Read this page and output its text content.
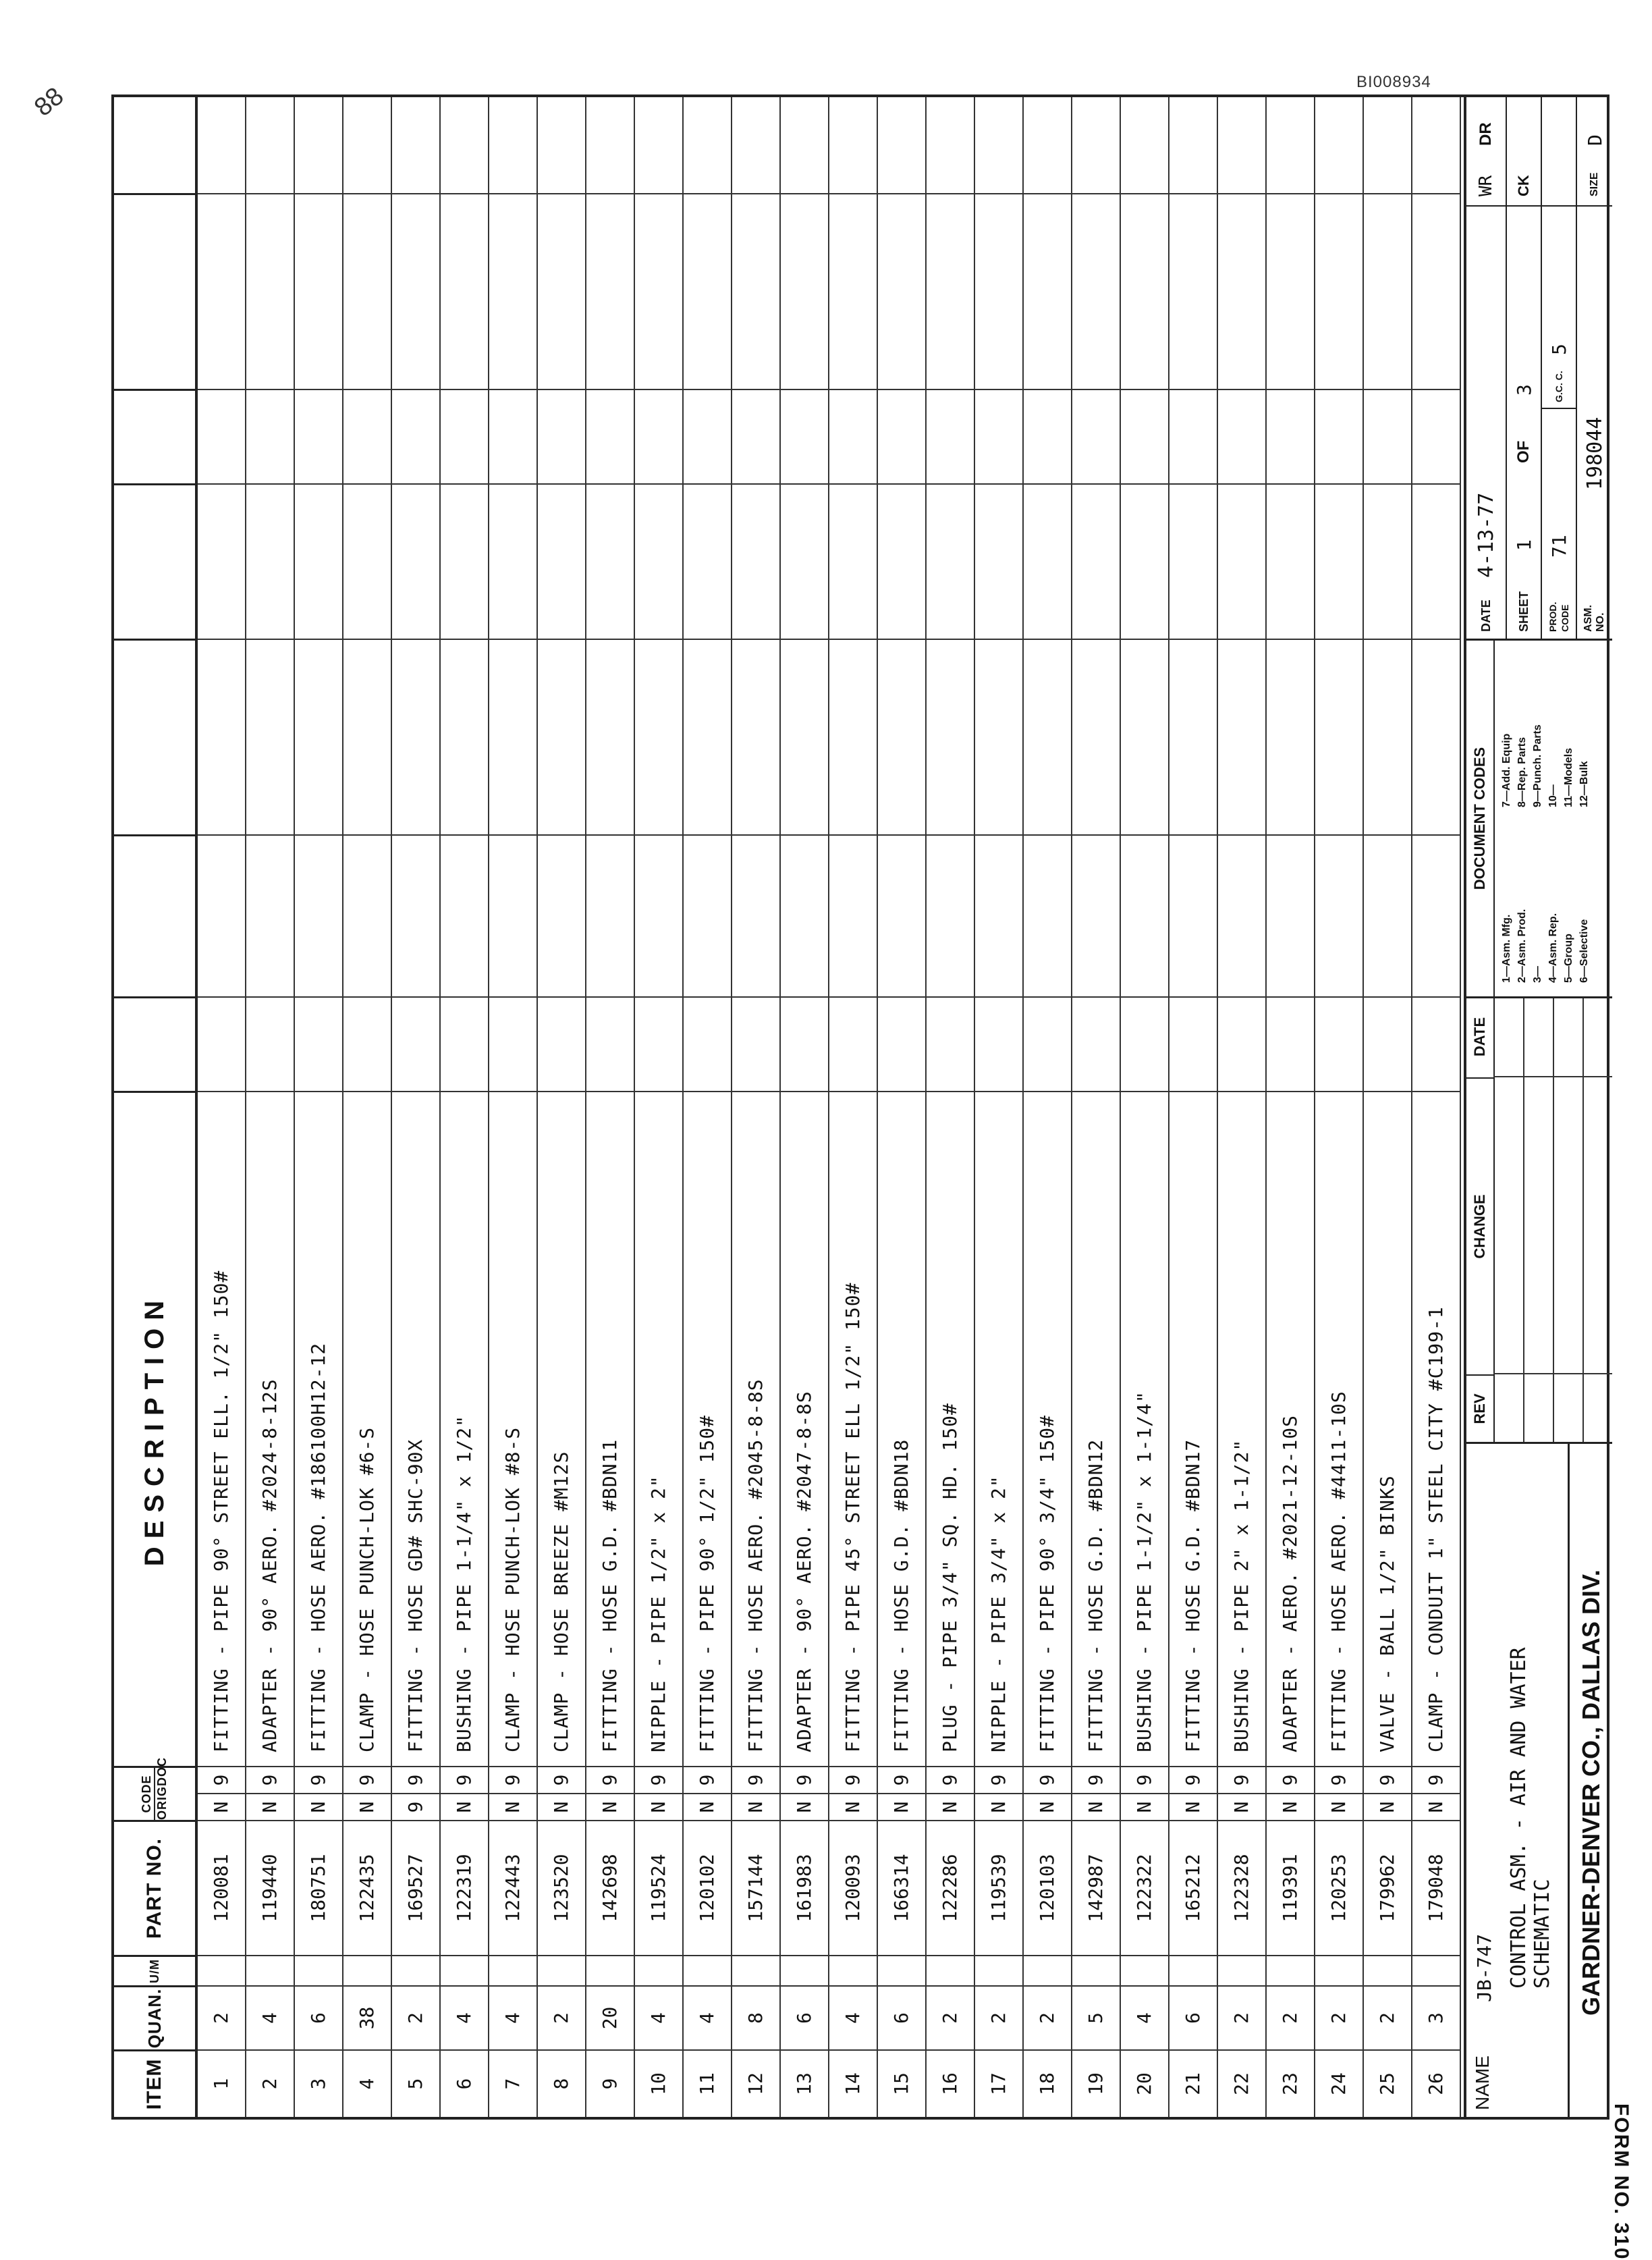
BI008934
88
ITEM
QUAN.
U/M
PART NO.
CODE ORIG
DOC
DESCRIPTION
1
2
120081
N
9
FITTING - PIPE 90° STREET ELL. 1/2" 150#
2
4
119440
N
9
ADAPTER - 90° AERO. #2024-8-12S
3
6
180751
N
9
FITTING - HOSE AERO. #186100H12-12
4
38
122435
N
9
CLAMP - HOSE PUNCH-LOK #6-S
5
2
169527
9
9
FITTING - HOSE GD# SHC-90X
6
4
122319
N
9
BUSHING - PIPE 1-1/4" x 1/2"
7
4
122443
N
9
CLAMP - HOSE PUNCH-LOK #8-S
8
2
123520
N
9
CLAMP - HOSE BREEZE #M12S
9
20
142698
N
9
FITTING - HOSE G.D. #BDN11
10
4
119524
N
9
NIPPLE - PIPE 1/2" x 2"
11
4
120102
N
9
FITTING - PIPE 90° 1/2" 150#
12
8
157144
N
9
FITTING - HOSE AERO. #2045-8-8S
13
6
161983
N
9
ADAPTER - 90° AERO. #2047-8-8S
14
4
120093
N
9
FITTING - PIPE 45° STREET ELL 1/2" 150#
15
6
166314
N
9
FITTING - HOSE G.D. #BDN18
16
2
122286
N
9
PLUG - PIPE 3/4" SQ. HD. 150#
17
2
119539
N
9
NIPPLE - PIPE 3/4" x 2"
18
2
120103
N
9
FITTING - PIPE 90° 3/4" 150#
19
5
142987
N
9
FITTING - HOSE G.D. #BDN12
20
4
122322
N
9
BUSHING - PIPE 1-1/2" x 1-1/4"
21
6
165212
N
9
FITTING - HOSE G.D. #BDN17
22
2
122328
N
9
BUSHING - PIPE 2" x 1-1/2"
23
2
119391
N
9
ADAPTER - AERO. #2021-12-10S
24
2
120253
N
9
FITTING - HOSE AERO. #4411-10S
25
2
179962
N
9
VALVE - BALL 1/2" BINKS
26
3
179048
N
9
CLAMP - CONDUIT 1" STEEL CITY #C199-1
NAME
JB-747 CONTROL ASM. - AIR AND WATER SCHEMATIC GARDNER-DENVER CO., DALLAS DIV.
REV
CHANGE
DATE
DOCUMENT CODES
1—Asm. Mfg. 2—Asm. Prod. 3— 4—Asm. Rep. 5—Group 6—Selective
7—Add. Equip 8—Rep. Parts 9—Punch. Parts 10— 11—Models 12—Bulk
DATE
4-13-77
WR
DR
SHEET
1
OF
3
CK
PROD. CODE
71
G.C. C.
5
ASM. NO.
198044
SIZE
D
FORM NO. 310
